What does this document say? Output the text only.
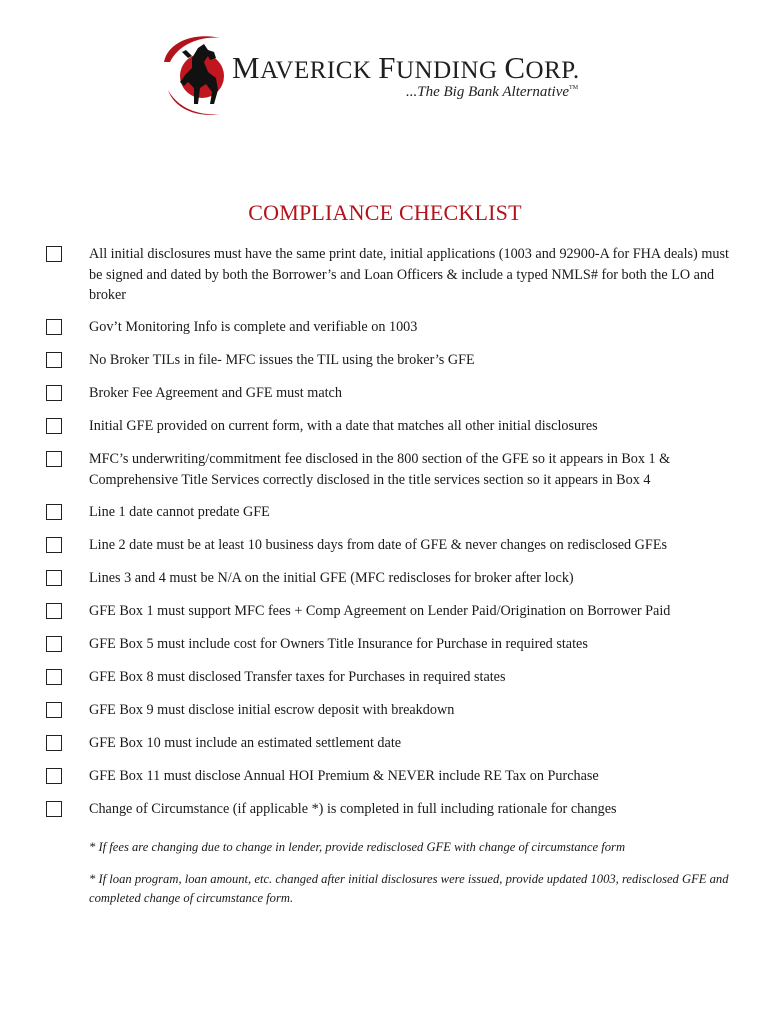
MAVERICK FUNDING CORP.
...The Big Bank Alternative™
COMPLIANCE CHECKLIST
All initial disclosures must have the same print date, initial applications (1003 and 92900-A for FHA deals) must be signed and dated by both the Borrower’s and Loan Officers & include a typed NMLS# for both the LO and broker
Gov’t Monitoring Info is complete and verifiable on 1003
No Broker TILs in file- MFC issues the TIL using the broker’s GFE
Broker Fee Agreement and GFE must match
Initial GFE provided on current form, with a date that matches all other initial disclosures
MFC’s underwriting/commitment fee disclosed in the 800 section of the GFE so it appears in Box 1 & Comprehensive Title Services correctly disclosed in the title services section so it appears in Box 4
Line 1 date cannot predate GFE
Line 2 date must be at least 10 business days from date of GFE & never changes on redisclosed GFEs
Lines 3 and 4 must be N/A on the initial GFE (MFC rediscloses for broker after lock)
GFE Box 1 must support MFC fees + Comp Agreement on Lender Paid/Origination on Borrower Paid
GFE Box 5 must include cost for Owners Title Insurance for Purchase in required states
GFE Box 8 must disclosed Transfer taxes for Purchases in required states
GFE Box 9 must disclose initial escrow deposit with breakdown
GFE Box 10 must include an estimated settlement date
GFE Box 11 must disclose Annual HOI Premium & NEVER include RE Tax on Purchase
Change of Circumstance (if applicable *) is completed in full including rationale for changes
* If fees are changing due to change in lender, provide redisclosed GFE with change of circumstance form
* If loan program, loan amount, etc. changed after initial disclosures were issued, provide updated 1003, redisclosed GFE and completed change of circumstance form.
